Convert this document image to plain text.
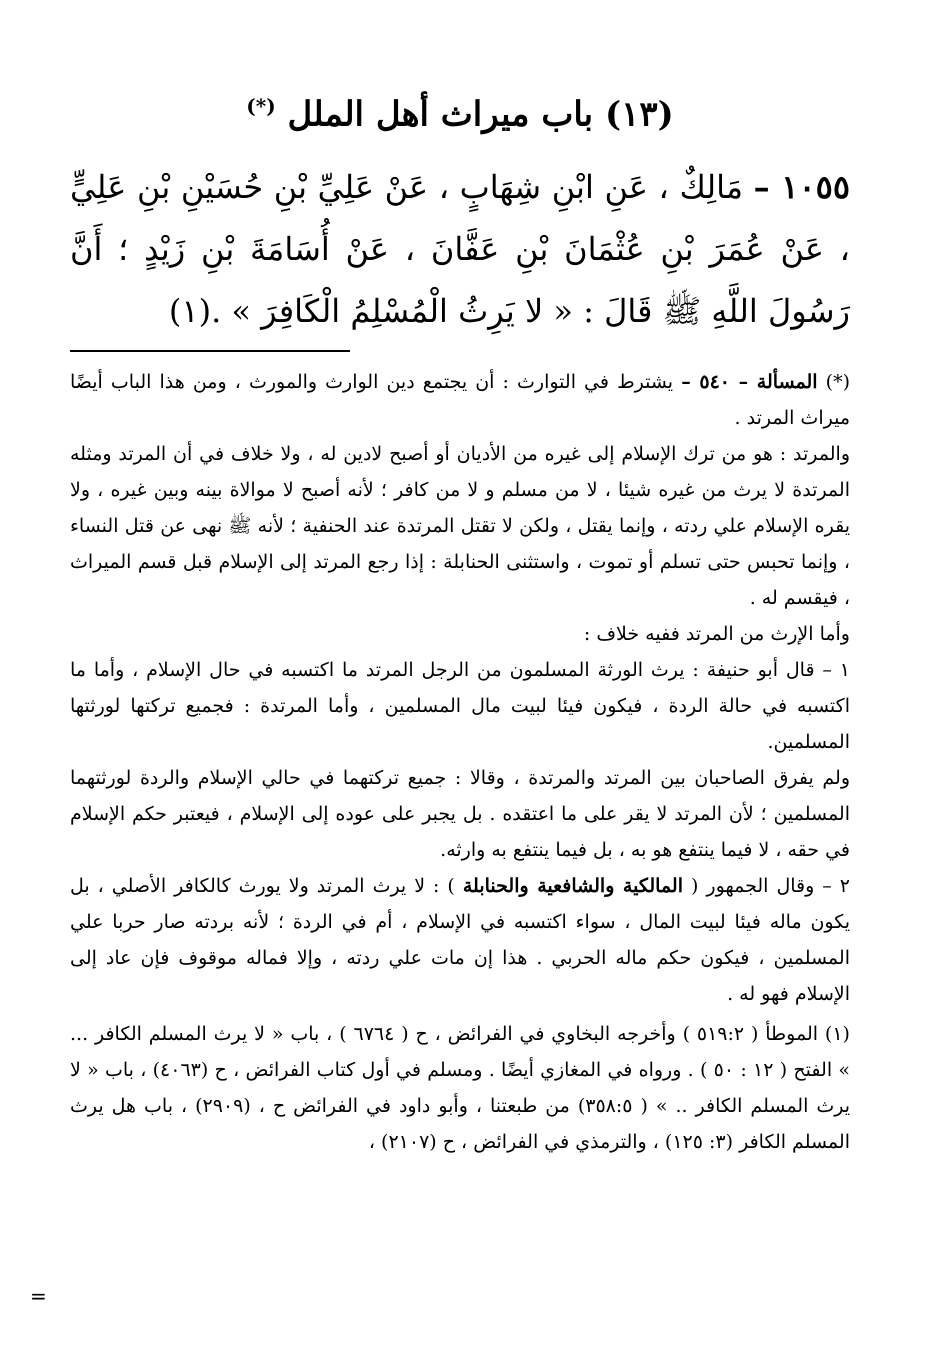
(١٣) باب ميراث أهل الملل (*)

١٠٥٥ – مَالِكٌ ، عَنِ ابْنِ شِهَابٍ ، عَنْ عَلِيِّ بْنِ حُسَيْنِ بْنِ عَلِيٍّ ، عَنْ عُمَرَ بْنِ عُثْمَانَ بْنِ عَفَّانَ ، عَنْ أُسَامَةَ بْنِ زَيْدٍ ؛ أَنَّ رَسُولَ اللَّهِ ﷺ قَالَ : « لا يَرِثُ الْمُسْلِمُ الْكَافِرَ » .(١)

(*) المسألة – ٥٤٠ – يشترط في التوارث : أن يجتمع دين الوارث والمورث ، ومن هذا الباب أيضًا ميراث المرتد .

والمرتد : هو من ترك الإسلام إلى غيره من الأديان أو أصبح لادين له ، ولا خلاف في أن المرتد ومثله المرتدة لا يرث من غيره شيئا ، لا من مسلم و لا من كافر ؛ لأنه أصبح لا موالاة بينه وبين غيره ، ولا يقره الإسلام علي ردته ، وإنما يقتل ، ولكن لا تقتل المرتدة عند الحنفية ؛ لأنه ﷺ نهى عن قتل النساء ، وإنما تحبس حتى تسلم أو تموت ، واستثنى الحنابلة : إذا رجع المرتد إلى الإسلام قبل قسم الميراث ، فيقسم له .

وأما الإرث من المرتد ففيه خلاف :

١ – قال أبو حنيفة : يرث الورثة المسلمون من الرجل المرتد ما اكتسبه في حال الإسلام ، وأما ما اكتسبه في حالة الردة ، فيكون فيئا لبيت مال المسلمين ، وأما المرتدة : فجميع تركتها لورثتها المسلمين.

ولم يفرق الصاحبان بين المرتد والمرتدة ، وقالا : جميع تركتهما في حالي الإسلام والردة لورثتهما المسلمين ؛ لأن المرتد لا يقر على ما اعتقده . بل يجبر على عوده إلى الإسلام ، فيعتبر حكم الإسلام في حقه ، لا فيما ينتفع هو به ، بل فيما ينتفع به وارثه.

٢ – وقال الجمهور ( المالكية والشافعية والحنابلة ) : لا يرث المرتد ولا يورث كالكافر الأصلي ، بل يكون ماله فيئا لبيت المال ، سواء اكتسبه في الإسلام ، أم في الردة ؛ لأنه بردته صار حربا علي المسلمين ، فيكون حكم ماله الحربي . هذا إن مات علي ردته ، وإلا فماله موقوف فإن عاد إلى الإسلام فهو له .

(١) الموطأ ( ٥١٩:٢ ) وأخرجه البخاوي في الفرائض ، ح ( ٦٧٦٤ ) ، باب « لا يرث المسلم الكافر ... » الفتح ( ١٢ : ٥٠ ) . ورواه في المغازي أيضًا . ومسلم في أول كتاب الفرائض ، ح (٤٠٦٣) ، باب « لا يرث المسلم الكافر .. » ( ٣٥٨:٥) من طبعتنا ، وأبو داود في الفرائض ح ، (٢٩٠٩) ، باب هل يرث المسلم الكافر (٣: ١٢٥) ، والترمذي في الفرائض ، ح (٢١٠٧) ،

=
